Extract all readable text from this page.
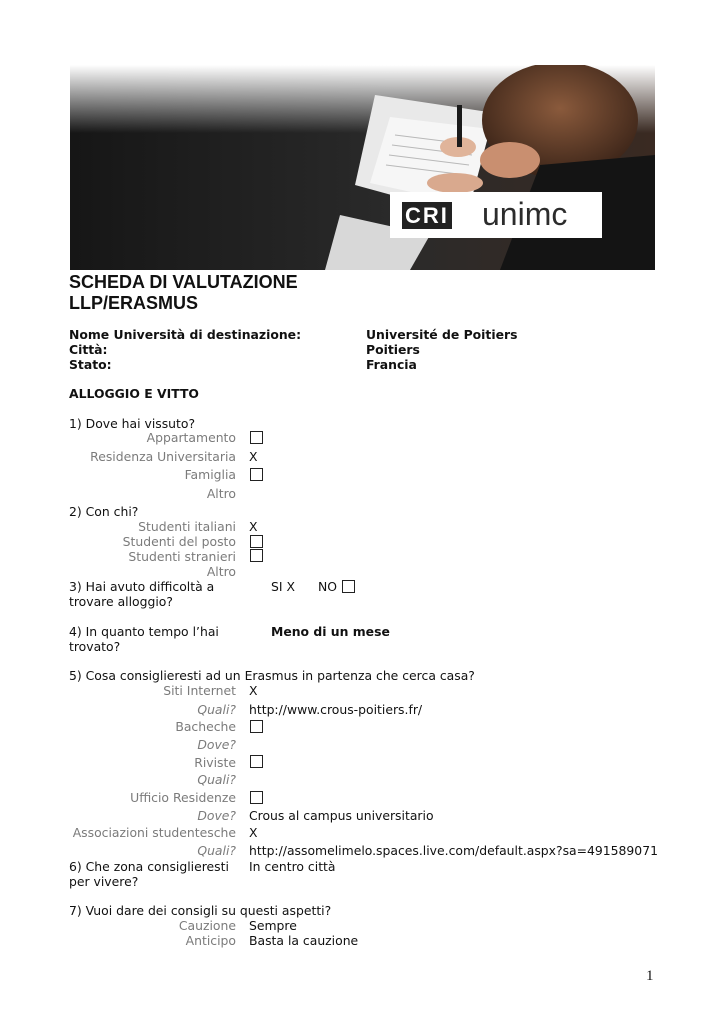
CRI unimc
SCHEDA DI VALUTAZIONE
LLP/ERASMUS
Nome Università di destinazione:	Université de Poitiers
Città:	Poitiers
Stato:	Francia
ALLOGGIO E VITTO
1) Dove hai vissuto?
Appartamento
Residenza Universitaria X
Famiglia
Altro
2) Con chi?
Studenti italiani X
Studenti del posto
Studenti stranieri
Altro
3) Hai avuto difficoltà a
trovare alloggio?
SI X NO
4) In quanto tempo l’hai
trovato?
Meno di un mese
5) Cosa consiglieresti ad un Erasmus in partenza che cerca casa?
Siti Internet X
Quali? http://www.crous-poitiers.fr/
Bacheche
Dove?
Riviste
Quali?
Ufficio Residenze
Dove? Crous al campus universitario
Associazioni studentesche X
Quali? http://assomelimelo.spaces.live.com/default.aspx?sa=491589071
6) Che zona consiglieresti
per vivere?
In centro città
7) Vuoi dare dei consigli su questi aspetti?
Cauzione Sempre
Anticipo Basta la cauzione
1
